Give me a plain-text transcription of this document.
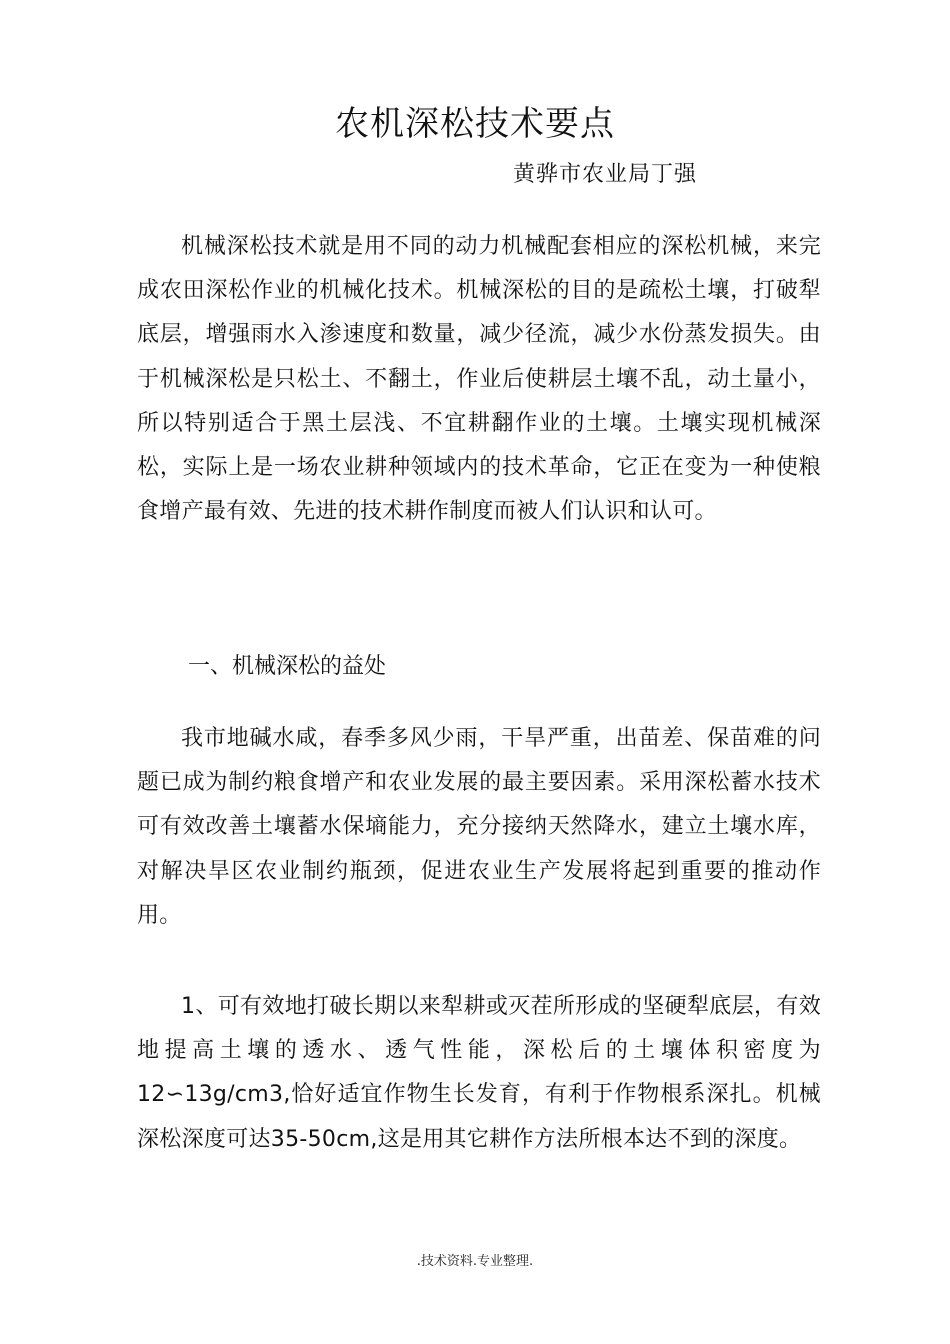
农机深松技术要点
黄骅市农业局丁强
机械深松技术就是用不同的动力机械配套相应的深松机械，来完成农田深松作业的机械化技术。机械深松的目的是疏松土壤，打破犁底层，增强雨水入渗速度和数量，减少径流，减少水份蒸发损失。由于机械深松是只松土、不翻土，作业后使耕层土壤不乱，动土量小，所以特别适合于黑土层浅、不宜耕翻作业的土壤。土壤实现机械深松，实际上是一场农业耕种领域内的技术革命，它正在变为一种使粮食增产最有效、先进的技术耕作制度而被人们认识和认可。
一、机械深松的益处
我市地碱水咸，春季多风少雨，干旱严重，出苗差、保苗难的问题已成为制约粮食增产和农业发展的最主要因素。采用深松蓄水技术可有效改善土壤蓄水保墒能力，充分接纳天然降水，建立土壤水库，对解决旱区农业制约瓶颈，促进农业生产发展将起到重要的推动作用。
1、可有效地打破长期以来犁耕或灭茬所形成的坚硬犁底层，有效地提高土壤的透水、透气性能，深松后的土壤体积密度为12∽13g/cm3,恰好适宜作物生长发育，有利于作物根系深扎。机械深松深度可达35-50cm,这是用其它耕作方法所根本达不到的深度。
.技术资料.专业整理.
